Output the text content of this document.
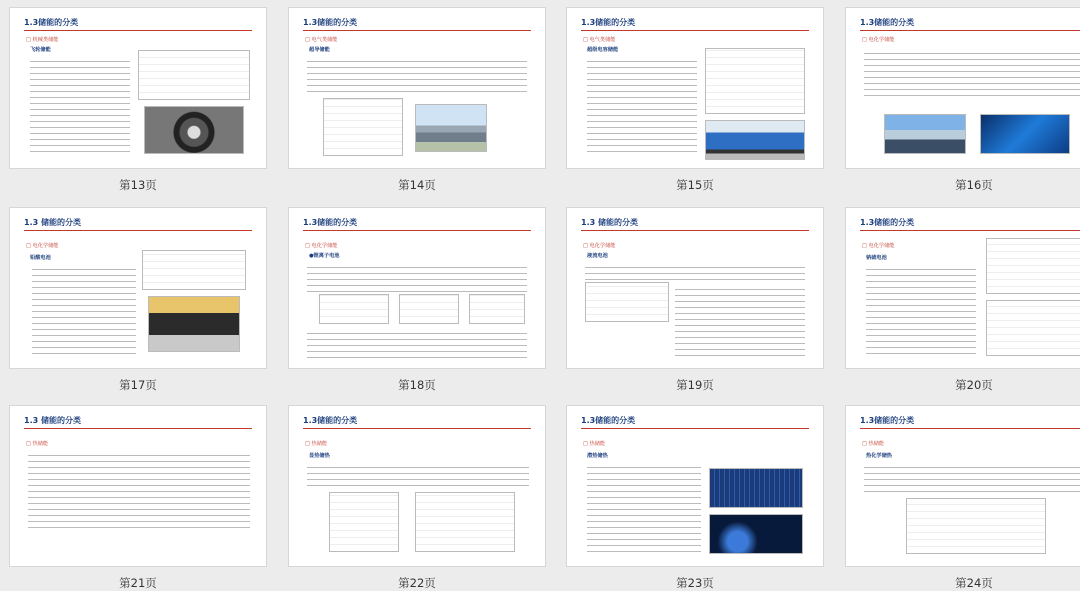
1.3储能的分类
□ 机械类储能
飞轮储能
第13页
1.3储能的分类
□ 电气类储能
超导储能
第14页
1.3储能的分类
□ 电气类储能
超级电容储能
第15页
1.3储能的分类
□ 电化学储能
第16页
1.3 储能的分类
□ 电化学储能
铅酸电池
第17页
1.3储能的分类
□ 电化学储能
●锂离子电池
第18页
1.3 储能的分类
□ 电化学储能
液流电池
第19页
1.3储能的分类
□ 电化学储能
钠硫电池
第20页
1.3 储能的分类
□ 热储能
第21页
1.3储能的分类
□ 热储能
显热储热
第22页
1.3储能的分类
□ 热储能
潜热储热
第23页
1.3储能的分类
□ 热储能
热化学储热
第24页
